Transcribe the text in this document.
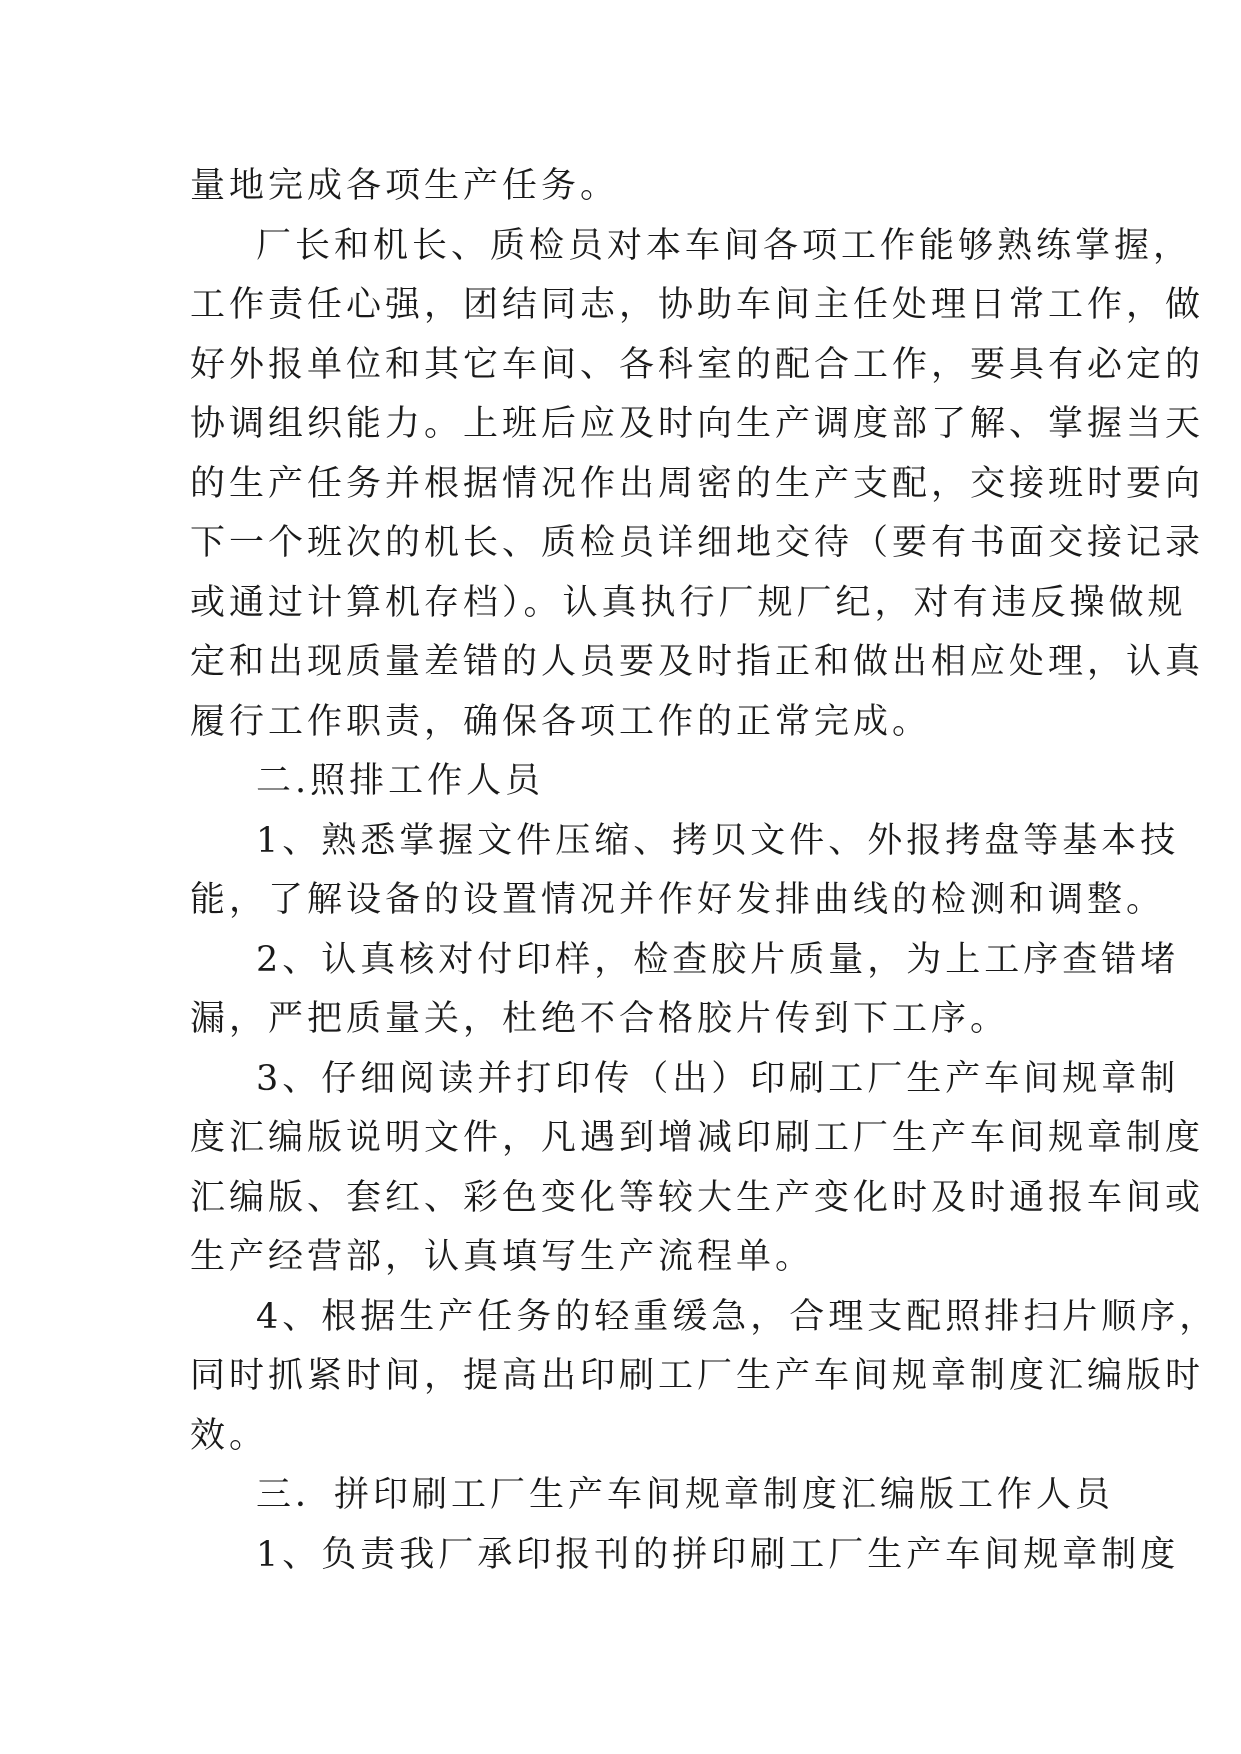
量地完成各项生产任务。

厂长和机长、质检员对本车间各项工作能够熟练掌握，

工作责任心强，团结同志，协助车间主任处理日常工作，做

好外报单位和其它车间、各科室的配合工作，要具有必定的

协调组织能力。上班后应及时向生产调度部了解、掌握当天

的生产任务并根据情况作出周密的生产支配，交接班时要向

下一个班次的机长、质检员详细地交待（要有书面交接记录

或通过计算机存档）。认真执行厂规厂纪，对有违反操做规

定和出现质量差错的人员要及时指正和做出相应处理，认真

履行工作职责，确保各项工作的正常完成。

二.照排工作人员

1、熟悉掌握文件压缩、拷贝文件、外报拷盘等基本技

能，了解设备的设置情况并作好发排曲线的检测和调整。

2、认真核对付印样，检查胶片质量，为上工序查错堵

漏，严把质量关，杜绝不合格胶片传到下工序。

3、仔细阅读并打印传（出）印刷工厂生产车间规章制

度汇编版说明文件，凡遇到增减印刷工厂生产车间规章制度

汇编版、套红、彩色变化等较大生产变化时及时通报车间或

生产经营部，认真填写生产流程单。

4、根据生产任务的轻重缓急，合理支配照排扫片顺序，

同时抓紧时间，提高出印刷工厂生产车间规章制度汇编版时

效。

三．拼印刷工厂生产车间规章制度汇编版工作人员

1、负责我厂承印报刊的拼印刷工厂生产车间规章制度
